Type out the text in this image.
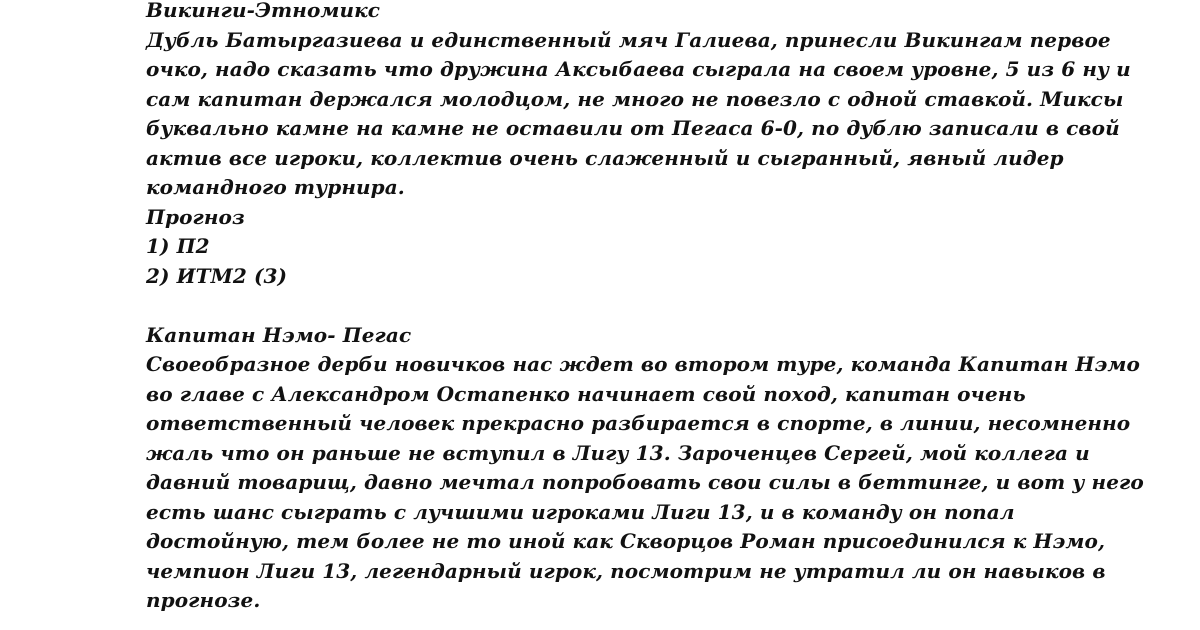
Викинги-Этномикс
Дубль Батыргазиева и единственный мяч Галиева, принесли Викингам первое
очко, надо сказать что дружина Аксыбаева сыграла на своем уровне, 5 из 6 ну и
сам капитан держался молодцом, не много не повезло с одной ставкой. Миксы
буквально камне на камне не оставили от Пегаса 6-0, по дублю записали в свой
актив все игроки, коллектив очень слаженный и сыгранный, явный лидер
командного турнира.
Прогноз
1) П2
2) ИТМ2 (3)
Капитан Нэмо- Пегас
Своеобразное дерби новичков нас ждет во втором туре, команда Капитан Нэмо
во главе с Александром Остапенко начинает свой поход, капитан очень
ответственный человек прекрасно разбирается в спорте, в линии, несомненно
жаль что он раньше не вступил в Лигу 13. Зароченцев Сергей, мой коллега и
давний товарищ, давно мечтал попробовать свои силы в беттинге, и вот у него
есть шанс сыграть с лучшими игроками Лиги 13, и в команду он попал
достойную, тем более не то иной как Скворцов Роман присоединился к Нэмо,
чемпион Лиги 13, легендарный игрок, посмотрим не утратил ли он навыков в
прогнозе.
